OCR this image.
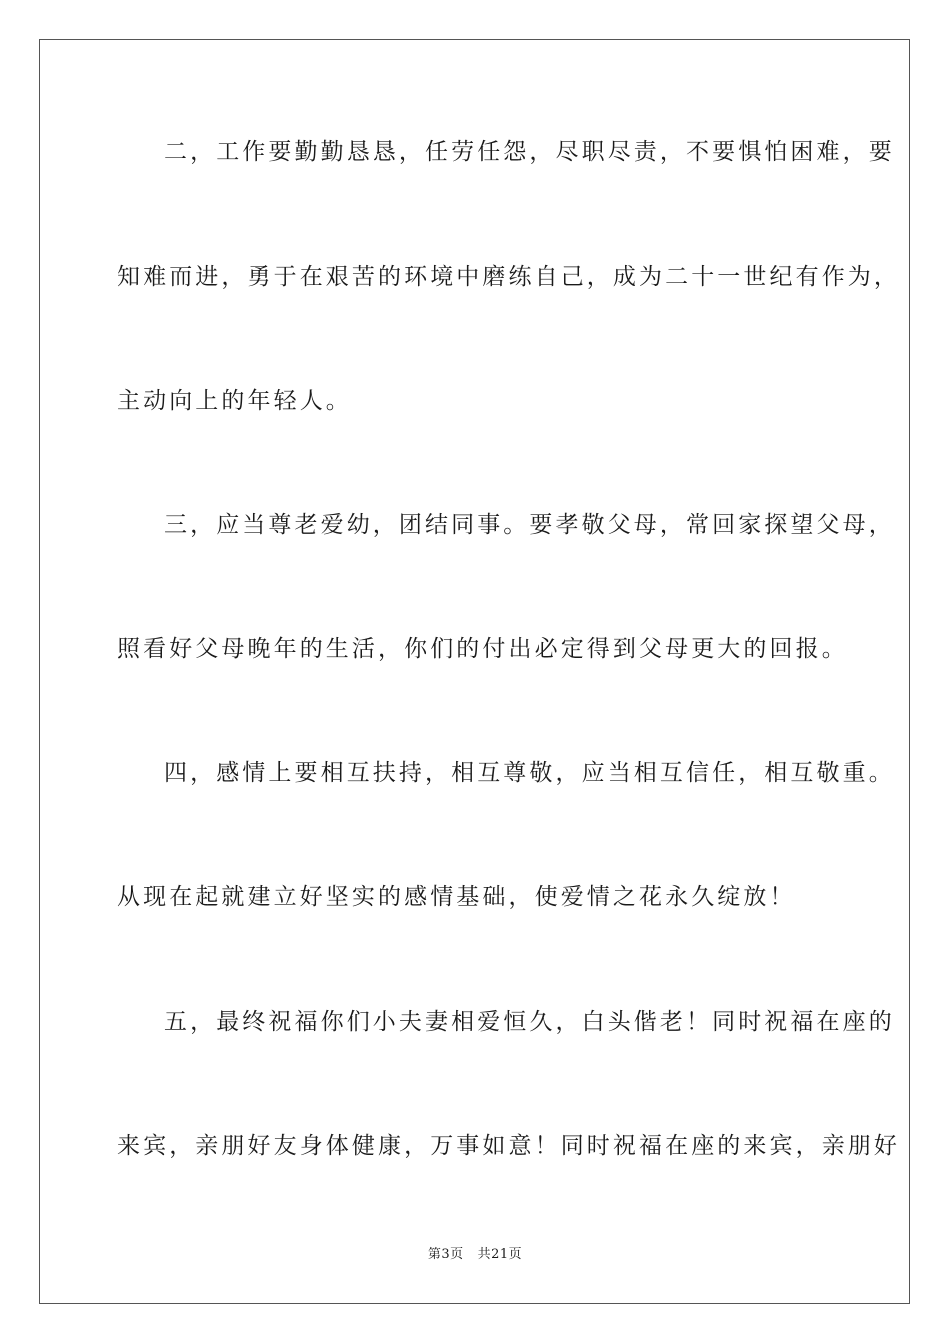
二，工作要勤勤恳恳，任劳任怨，尽职尽责，不要惧怕困难，要
知难而进，勇于在艰苦的环境中磨练自己，成为二十一世纪有作为，
主动向上的年轻人。
三，应当尊老爱幼，团结同事。要孝敬父母，常回家探望父母，
照看好父母晚年的生活，你们的付出必定得到父母更大的回报。
四，感情上要相互扶持，相互尊敬，应当相互信任，相互敬重。
从现在起就建立好坚实的感情基础，使爱情之花永久绽放！
五，最终祝福你们小夫妻相爱恒久，白头偕老！同时祝福在座的
来宾，亲朋好友身体健康，万事如意！同时祝福在座的来宾，亲朋好
第3页 共21页
